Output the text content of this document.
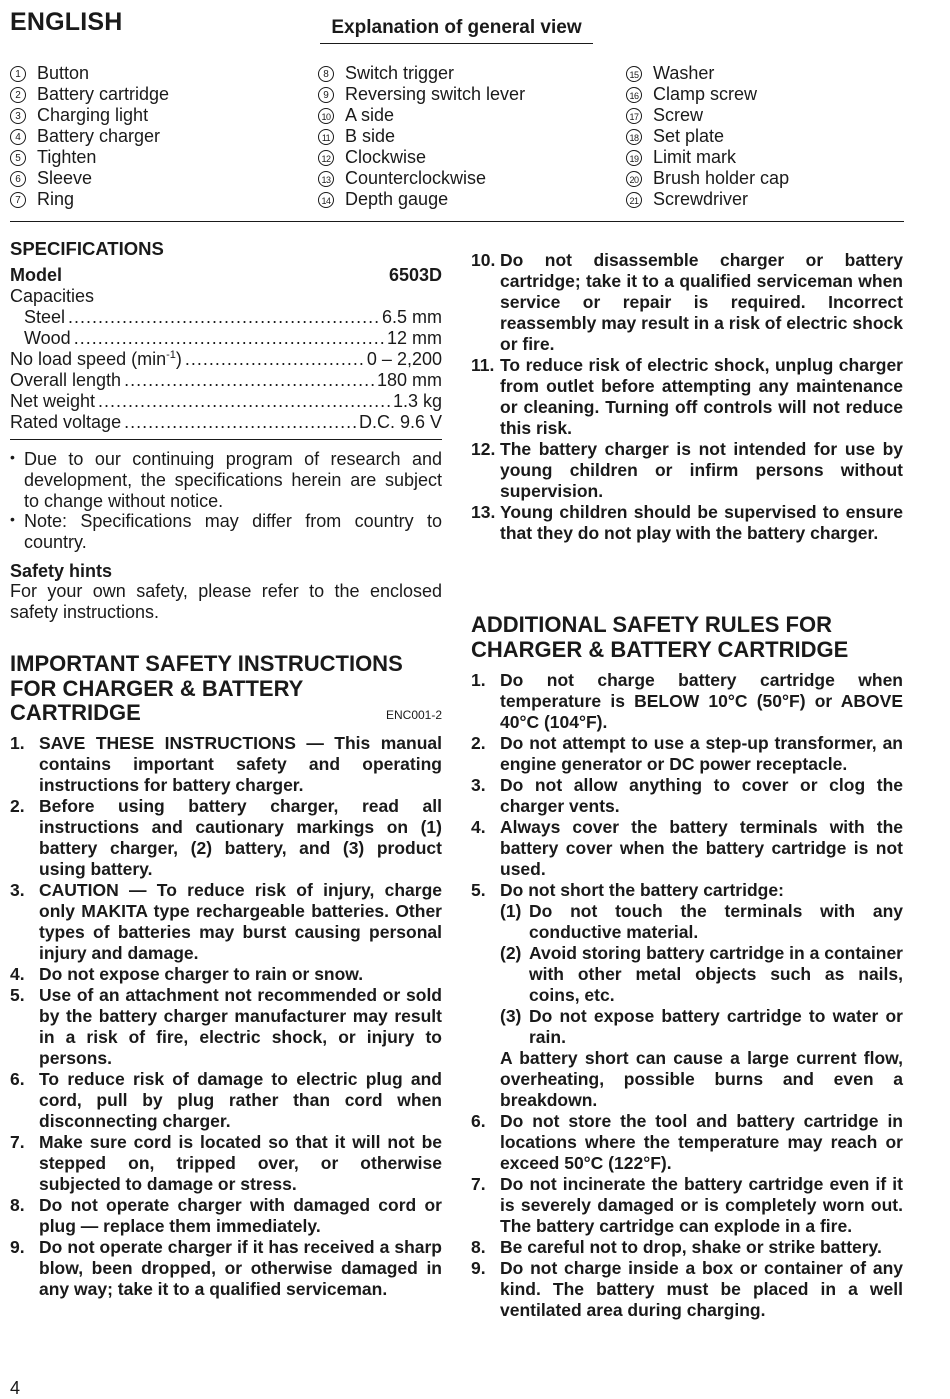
ENGLISH	Explanation of general view
1 Button
2 Battery cartridge
3 Charging light
4 Battery charger
5 Tighten
6 Sleeve
7 Ring
8 Switch trigger
9 Reversing switch lever
10 A side
11 B side
12 Clockwise
13 Counterclockwise
14 Depth gauge
15 Washer
16 Clamp screw
17 Screw
18 Set plate
19 Limit mark
20 Brush holder cap
21 Screwdriver
SPECIFICATIONS
Model	6503D
Capacities
Steel .....	6.5 mm
Wood .....	12 mm
No load speed $(\min^{-1})$ .....	0 – 2,200
Overall length .....	180 mm
Net weight .....	1.3 kg
Rated voltage .....	D.C. 9.6 V
• Due to our continuing program of research and development, the specifications herein are subject to change without notice.
• Note: Specifications may differ from country to country.
Safety hints
For your own safety, please refer to the enclosed safety instructions.
IMPORTANT SAFETY INSTRUCTIONS FOR CHARGER & BATTERY CARTRIDGE	ENC001-2
1. SAVE THESE INSTRUCTIONS — This manual contains important safety and operating instructions for battery charger.
2. Before using battery charger, read all instructions and cautionary markings on (1) battery charger, (2) battery, and (3) product using battery.
3. CAUTION — To reduce risk of injury, charge only MAKITA type rechargeable batteries. Other types of batteries may burst causing personal injury and damage.
4. Do not expose charger to rain or snow.
5. Use of an attachment not recommended or sold by the battery charger manufacturer may result in a risk of fire, electric shock, or injury to persons.
6. To reduce risk of damage to electric plug and cord, pull by plug rather than cord when disconnecting charger.
7. Make sure cord is located so that it will not be stepped on, tripped over, or otherwise subjected to damage or stress.
8. Do not operate charger with damaged cord or plug — replace them immediately.
9. Do not operate charger if it has received a sharp blow, been dropped, or otherwise damaged in any way; take it to a qualified serviceman.
10. Do not disassemble charger or battery cartridge; take it to a qualified serviceman when service or repair is required. Incorrect reassembly may result in a risk of electric shock or fire.
11. To reduce risk of electric shock, unplug charger from outlet before attempting any maintenance or cleaning. Turning off controls will not reduce this risk.
12. The battery charger is not intended for use by young children or infirm persons without supervision.
13. Young children should be supervised to ensure that they do not play with the battery charger.
ADDITIONAL SAFETY RULES FOR CHARGER & BATTERY CARTRIDGE
1. Do not charge battery cartridge when temperature is BELOW 10°C (50°F) or ABOVE 40°C (104°F).
2. Do not attempt to use a step-up transformer, an engine generator or DC power receptacle.
3. Do not allow anything to cover or clog the charger vents.
4. Always cover the battery terminals with the battery cover when the battery cartridge is not used.
5. Do not short the battery cartridge:
(1) Do not touch the terminals with any conductive material.
(2) Avoid storing battery cartridge in a container with other metal objects such as nails, coins, etc.
(3) Do not expose battery cartridge to water or rain.
A battery short can cause a large current flow, overheating, possible burns and even a breakdown.
6. Do not store the tool and battery cartridge in locations where the temperature may reach or exceed 50°C (122°F).
7. Do not incinerate the battery cartridge even if it is severely damaged or is completely worn out. The battery cartridge can explode in a fire.
8. Be careful not to drop, shake or strike battery.
9. Do not charge inside a box or container of any kind. The battery must be placed in a well ventilated area during charging.
4
